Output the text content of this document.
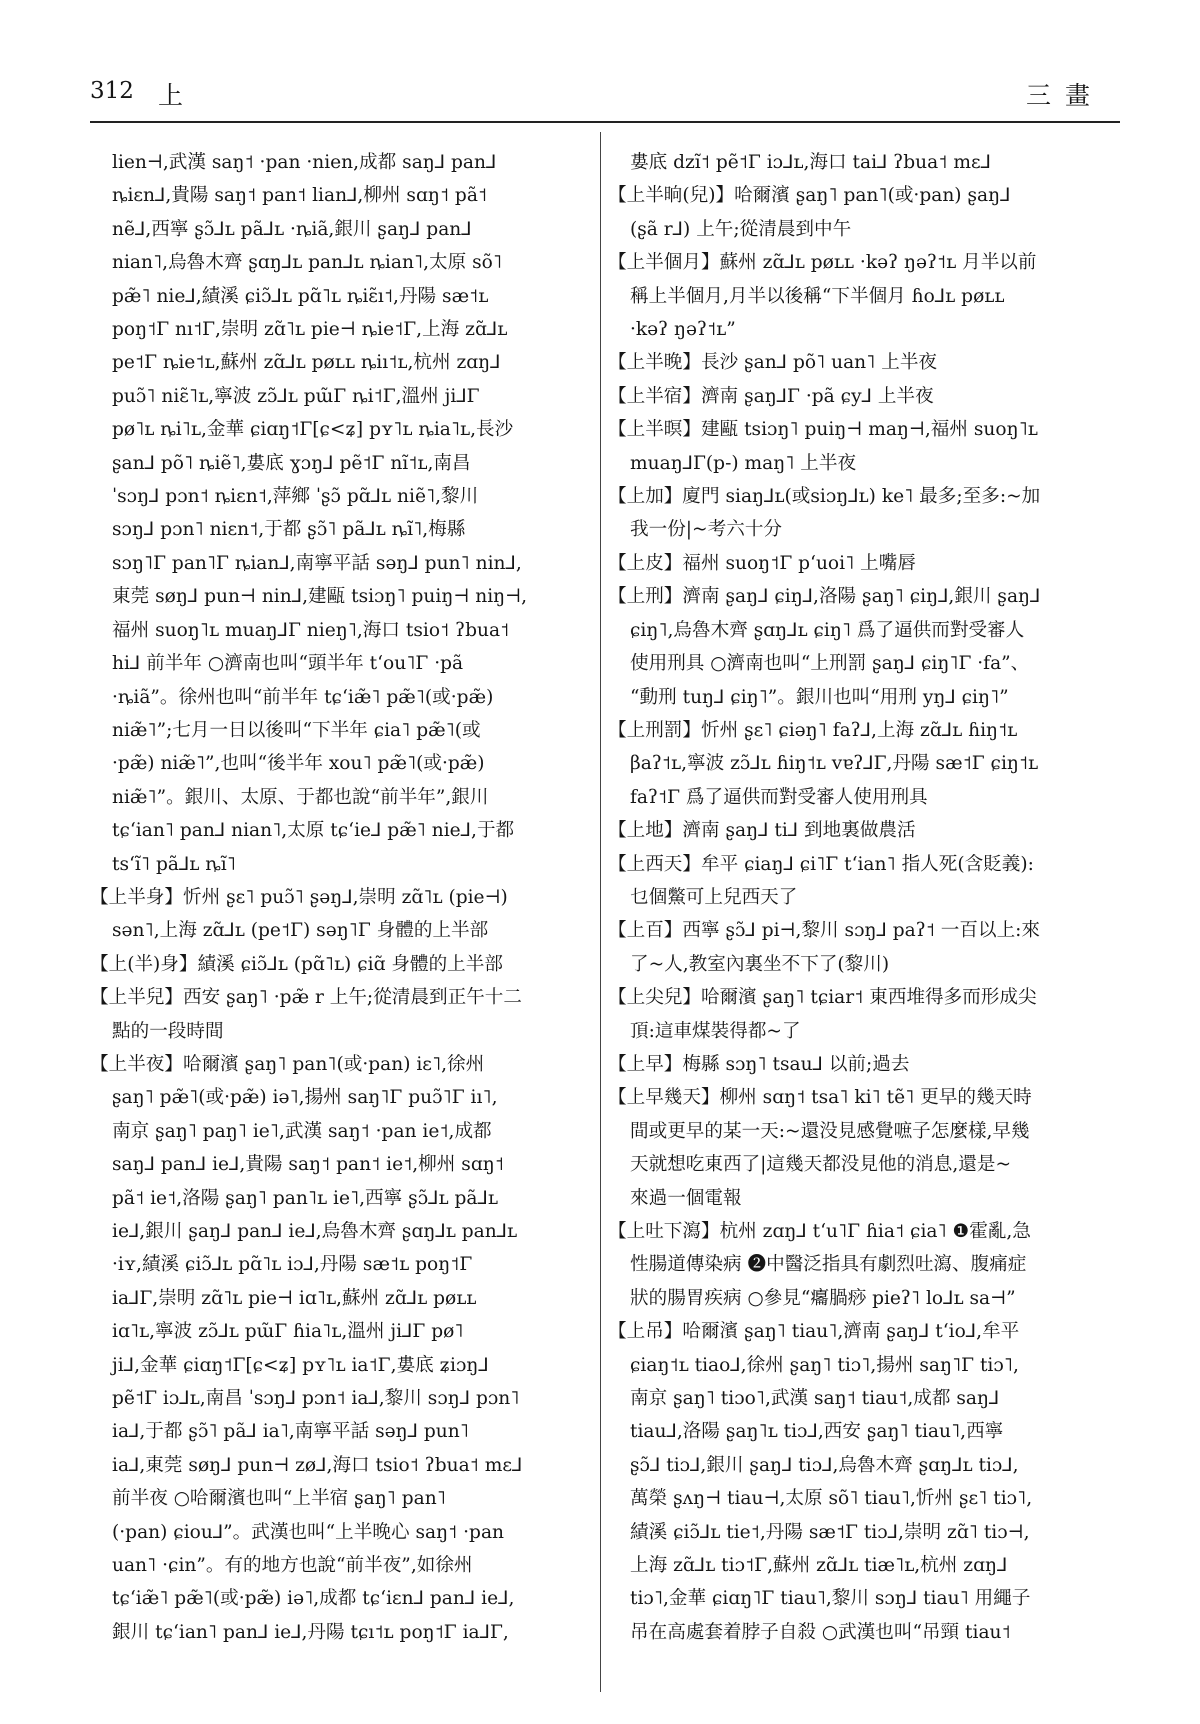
312 上	三畫
lien⊣,武漢 saŋ˦ ·pan ·nien,成都 saŋ⅃ pan⅃
ȵiɛn⅃,貴陽 saŋ˦ pan˦ lian⅃,柳州 sɑŋ˦ pã˦
nẽ⅃,西寧 ʂɔ̃⅃ʟ pã⅃ʟ ·ȵiã,銀川 ʂaŋ⅃ pan⅃
nian˥,烏魯木齊 ʂɑŋ⅃ʟ pan⅃ʟ ȵian˥,太原 sõ˥
pæ̃˥ nie⅃,績溪 ɕiɔ̃⅃ʟ pɑ̃˥ʟ ȵiɛ̃ı˦,丹陽 sæ˦ʟ
poŋ˦Γ nı˦Γ,崇明 zɑ̃˥ʟ pie⊣ ȵie˦Γ,上海 zɑ̃⅃ʟ
pe˦Γ ȵie˦ʟ,蘇州 zɑ̃⅃ʟ pøʟʟ ȵiı˦ʟ,杭州 zɑŋ⅃
puɔ̃˥ niɛ̃˥ʟ,寧波 zɔ̃⅃ʟ pɯ̃Γ ȵi˦Γ,溫州 ji⅃Γ
pø˥ʟ ȵi˥ʟ,金華 ɕiɑŋ˦Γ[ɕ<ʑ] pʏ˥ʟ ȵia˥ʟ,長沙
ʂan⅃ põ˥ ȵiẽ˥,婁底 ɣɔŋ⅃ pẽ˦Γ nĩ˦ʟ,南昌
ˈsɔŋ⅃ pɔn˦ ȵiɛn˦,萍鄉 ˈʂɔ̃ pɑ̃⅃ʟ niẽ˥,黎川
sɔŋ⅃ pɔn˥ niɛn˦,于都 ʂɔ̃˥ pã⅃ʟ ȵĩ˥,梅縣
sɔŋ˥Γ pan˥Γ ȵian⅃,南寧平話 səŋ⅃ pun˥ nin⅃,
東莞 søŋ⅃ pun⊣ nin⅃,建甌 tsiɔŋ˥ puiŋ⊣ niŋ⊣,
福州 suoŋ˥ʟ muaŋ⅃Γ nieŋ˥,海口 tsio˦ ʔbua˦
hi⅃ 前半年 ○濟南也叫“頭半年 tʻou˥Γ ·pã
·ȵiã”。徐州也叫“前半年 tɕʻiæ̃˥ pæ̃˥(或·pæ̃)
niæ̃˥”;七月一日以後叫“下半年 ɕia˥ pæ̃˥(或
·pæ̃) niæ̃˥”,也叫“後半年 xou˥ pæ̃˥(或·pæ̃)
niæ̃˥”。銀川、太原、于都也說“前半年”,銀川
tɕʻian˥ pan⅃ nian˥,太原 tɕʻie⅃ pæ̃˥ nie⅃,于都
tsʻĩ˥ pã⅃ʟ ȵĩ˥
【上半身】忻州 ʂɛ˥ puɔ̃˥ ʂəŋ⅃,崇明 zɑ̃˥ʟ (pie⊣)
sən˥,上海 zɑ̃⅃ʟ (pe˦Γ) səŋ˥Γ 身體的上半部
【上(半)身】績溪 ɕiɔ̃⅃ʟ (pɑ̃˥ʟ) ɕiɑ̃ 身體的上半部
【上半兒】西安 ʂaŋ˥ ·pæ̃ r 上午;從清晨到正午十二
點的一段時間
【上半夜】哈爾濱 ʂaŋ˥ pan˥(或·pan) iɛ˥,徐州
ʂaŋ˥ pæ̃˥(或·pæ̃) iə˥,揚州 saŋ˥Γ puɔ̃˥Γ iı˥,
南京 ʂaŋ˥ paŋ˥ ie˥,武漢 saŋ˦ ·pan ie˦,成都
saŋ⅃ pan⅃ ie⅃,貴陽 saŋ˦ pan˦ ie˦,柳州 sɑŋ˦
pã˦ ie˦,洛陽 ʂaŋ˥ pan˥ʟ ie˥,西寧 ʂɔ̃⅃ʟ pã⅃ʟ
ie⅃,銀川 ʂaŋ⅃ pan⅃ ie⅃,烏魯木齊 ʂɑŋ⅃ʟ pan⅃ʟ
·iʏ,績溪 ɕiɔ̃⅃ʟ pɑ̃˥ʟ iɔ⅃,丹陽 sæ˦ʟ poŋ˦Γ
ia⅃Γ,崇明 zɑ̃˥ʟ pie⊣ iɑ˥ʟ,蘇州 zɑ̃⅃ʟ pøʟʟ
iɑ˥ʟ,寧波 zɔ̃⅃ʟ pɯ̃Γ ɦia˥ʟ,溫州 ji⅃Γ pø˥
ji⅃,金華 ɕiɑŋ˦Γ[ɕ<ʑ] pʏ˥ʟ ia˦Γ,婁底 ʑiɔŋ⅃
pẽ˦Γ iɔ⅃ʟ,南昌 ˈsɔŋ⅃ pɔn˦ ia⅃,黎川 sɔŋ⅃ pɔn˥
ia⅃,于都 ʂɔ̃˥ pã⅃ ia˥,南寧平話 səŋ⅃ pun˥
ia⅃,東莞 søŋ⅃ pun⊣ zø⅃,海口 tsio˦ ʔbua˦ mɛ⅃
前半夜 ○哈爾濱也叫“上半宿 ʂaŋ˥ pan˥
(·pan) ɕiou⅃”。武漢也叫“上半晚心 saŋ˦ ·pan
uan˥ ·ɕin”。有的地方也說“前半夜”,如徐州
tɕʻiæ̃˥ pæ̃˥(或·pæ̃) iə˥,成都 tɕʻiɛn⅃ pan⅃ ie⅃,
銀川 tɕʻian˥ pan⅃ ie⅃,丹陽 tɕı˦ʟ poŋ˦Γ ia⅃Γ,
婁底 dzĩ˦ pẽ˦Γ iɔ⅃ʟ,海口 tai⅃ ʔbua˦ mɛ⅃
【上半晌(兒)】哈爾濱 ʂaŋ˥ pan˥(或·pan) ʂaŋ⅃
(ʂã r⅃) 上午;從清晨到中午
【上半個月】蘇州 zɑ̃⅃ʟ pøʟʟ ·kəʔ ŋəʔ˦ʟ 月半以前
稱上半個月,月半以後稱“下半個月 ɦo⅃ʟ pøʟʟ
·kəʔ ŋəʔ˦ʟ”
【上半晚】長沙 ʂan⅃ põ˥ uan˥ 上半夜
【上半宿】濟南 ʂaŋ⅃Γ ·pã ɕy⅃ 上半夜
【上半暝】建甌 tsiɔŋ˥ puiŋ⊣ maŋ⊣,福州 suoŋ˥ʟ
muaŋ⅃Γ(p-) maŋ˥ 上半夜
【上加】廈門 siaŋ⅃ʟ(或siɔŋ⅃ʟ) ke˥ 最多;至多:~加
我一份|~考六十分
【上皮】福州 suoŋ˦Γ pʻuoi˥ 上嘴唇
【上刑】濟南 ʂaŋ⅃ ɕiŋ⅃,洛陽 ʂaŋ˥ ɕiŋ⅃,銀川 ʂaŋ⅃
ɕiŋ˥,烏魯木齊 ʂɑŋ⅃ʟ ɕiŋ˥ 爲了逼供而對受審人
使用刑具 ○濟南也叫“上刑罰 ʂaŋ⅃ ɕiŋ˥Γ ·fa”、
“動刑 tuŋ⅃ ɕiŋ˥”。銀川也叫“用刑 yŋ⅃ ɕiŋ˥”
【上刑罰】忻州 ʂɛ˥ ɕiəŋ˥ faʔ⅃,上海 zɑ̃⅃ʟ ɦiŋ˦ʟ
βaʔ˦ʟ,寧波 zɔ̃⅃ʟ ɦiŋ˦ʟ vɐʔ⅃Γ,丹陽 sæ˦Γ ɕiŋ˦ʟ
faʔ˦Γ 爲了逼供而對受審人使用刑具
【上地】濟南 ʂaŋ⅃ ti⅃ 到地裏做農活
【上西天】牟平 ɕiaŋ⅃ ɕi˥Γ tʻian˥ 指人死(含貶義):
乜個鱉可上兒西天了
【上百】西寧 ʂɔ̃⅃ pi⊣,黎川 sɔŋ⅃ paʔ˦ 一百以上:來
了~人,教室內裏坐不下了(黎川)
【上尖兒】哈爾濱 ʂaŋ˥ tɕiar˦ 東西堆得多而形成尖
頂:這車煤裝得都~了
【上早】梅縣 sɔŋ˥ tsau⅃ 以前;過去
【上早幾天】柳州 sɑŋ˦ tsa˥ ki˥ tẽ˥ 更早的幾天時
間或更早的某一天:~還没見感覺嗻子怎麼樣,早幾
天就想吃東西了|這幾天都没見他的消息,還是~
來過一個電報
【上吐下瀉】杭州 zɑŋ⅃ tʻu˥Γ ɦia˦ ɕia˥ ❶霍亂,急
性腸道傳染病 ❷中醫泛指具有劇烈吐瀉、腹痛症
狀的腸胃疾病 ○參見“癟腡痧 pieʔ˥ lo⅃ʟ sa⊣”
【上吊】哈爾濱 ʂaŋ˥ tiau˥,濟南 ʂaŋ⅃ tʻio⅃,牟平
ɕiaŋ˦ʟ tiao⅃,徐州 ʂaŋ˥ tiɔ˥,揚州 saŋ˥Γ tiɔ˥,
南京 ʂaŋ˥ tiɔo˥,武漢 saŋ˦ tiau˦,成都 saŋ⅃
tiau⅃,洛陽 ʂaŋ˥ʟ tiɔ⅃,西安 ʂaŋ˥ tiau˥,西寧
ʂɔ̃⅃ tiɔ⅃,銀川 ʂaŋ⅃ tiɔ⅃,烏魯木齊 ʂɑŋ⅃ʟ tiɔ⅃,
萬榮 ʂʌŋ⊣ tiau⊣,太原 sõ˥ tiau˥,忻州 ʂɛ˥ tiɔ˥,
績溪 ɕiɔ̃⅃ʟ tie˦,丹陽 sæ˦Γ tiɔ⅃,崇明 zɑ̃˥ tiɔ⊣,
上海 zɑ̃⅃ʟ tiɔ˦Γ,蘇州 zɑ̃⅃ʟ tiæ˥ʟ,杭州 zɑŋ⅃
tiɔ˥,金華 ɕiɑŋ˥Γ tiau˥,黎川 sɔŋ⅃ tiau˥ 用繩子
吊在高處套着脖子自殺 ○武漢也叫“吊頸 tiau˦
